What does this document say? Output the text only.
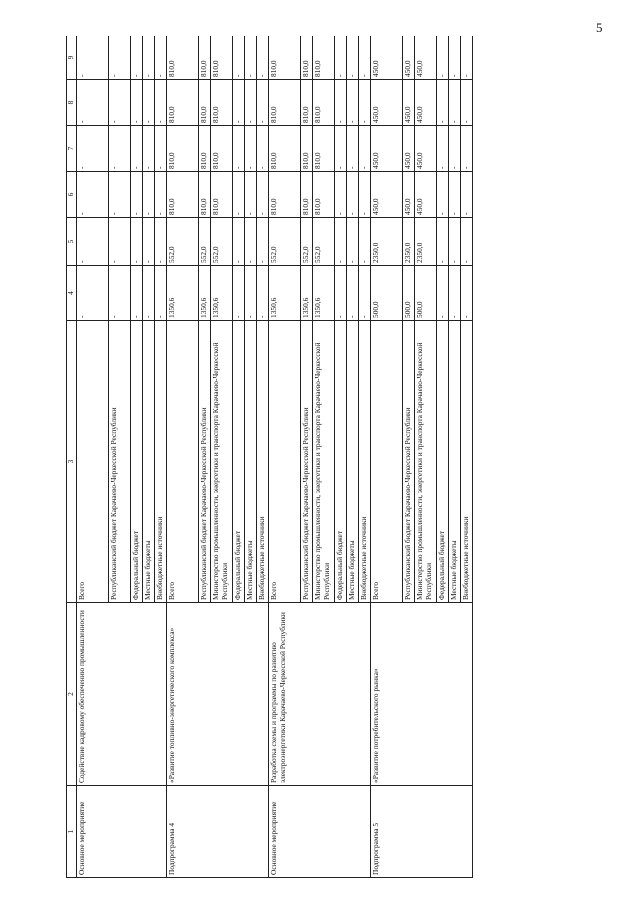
5
1	2	3	4	5	6	7	8	9
Основное мероприятие	Содействие кадровому обеспечению промышленности	Всего	-	-	-	-	-	-
		Республиканский бюджет Карачаево-Черкесской Республики	-	-	-	-	-	-
		Федеральный бюджет	-	-	-	-	-	-
		Местные бюджеты	-	-	-	-	-	-
		Внебюджетные источники	-	-	-	-	-	-
Подпрограмма 4	«Развитие топливно-энергетического комплекса»	Всего	1350,6	552,0	810,0	810,0	810,0	810,0
		Республиканский бюджет Карачаево-Черкесской Республики	1350,6	552,0	810,0	810,0	810,0	810,0
		Министерство промышленности, энергетики и транспорта Карачаево-Черкесской Республики	1350,6	552,0	810,0	810,0	810,0	810,0
		Федеральный бюджет	-	-	-	-	-	-
		Местные бюджеты	-	-	-	-	-	-
		Внебюджетные источники	-	-	-	-	-	-
Основное мероприятие	Разработка схемы и программы по развитию электроэнергетики Карачаево-Черкесской Республики	Всего	1350,6	552,0	810,0	810,0	810,0	810,0
		Республиканский бюджет Карачаево-Черкесской Республики	1350,6	552,0	810,0	810,0	810,0	810,0
		Министерство промышленности, энергетики и транспорта Карачаево-Черкесской Республики	1350,6	552,0	810,0	810,0	810,0	810,0
		Федеральный бюджет	-	-	-	-	-	-
		Местные бюджеты	-	-	-	-	-	-
		Внебюджетные источники	-	-	-	-	-	-
Подпрограмма 5	«Развитие потребительского рынка»	Всего	500,0	2350,0	450,0	450,0	450,0	450,0
		Республиканский бюджет Карачаево-Черкесской Республики	500,0	2350,0	450,0	450,0	450,0	450,0
		Министерство промышленности, энергетики и транспорта Карачаево-Черкесской Республики	500,0	2350,0	450,0	450,0	450,0	450,0
		Федеральный бюджет	-	-	-	-	-	-
		Местные бюджеты	-	-	-	-	-	-
		Внебюджетные источники	-	-	-	-	-	-
